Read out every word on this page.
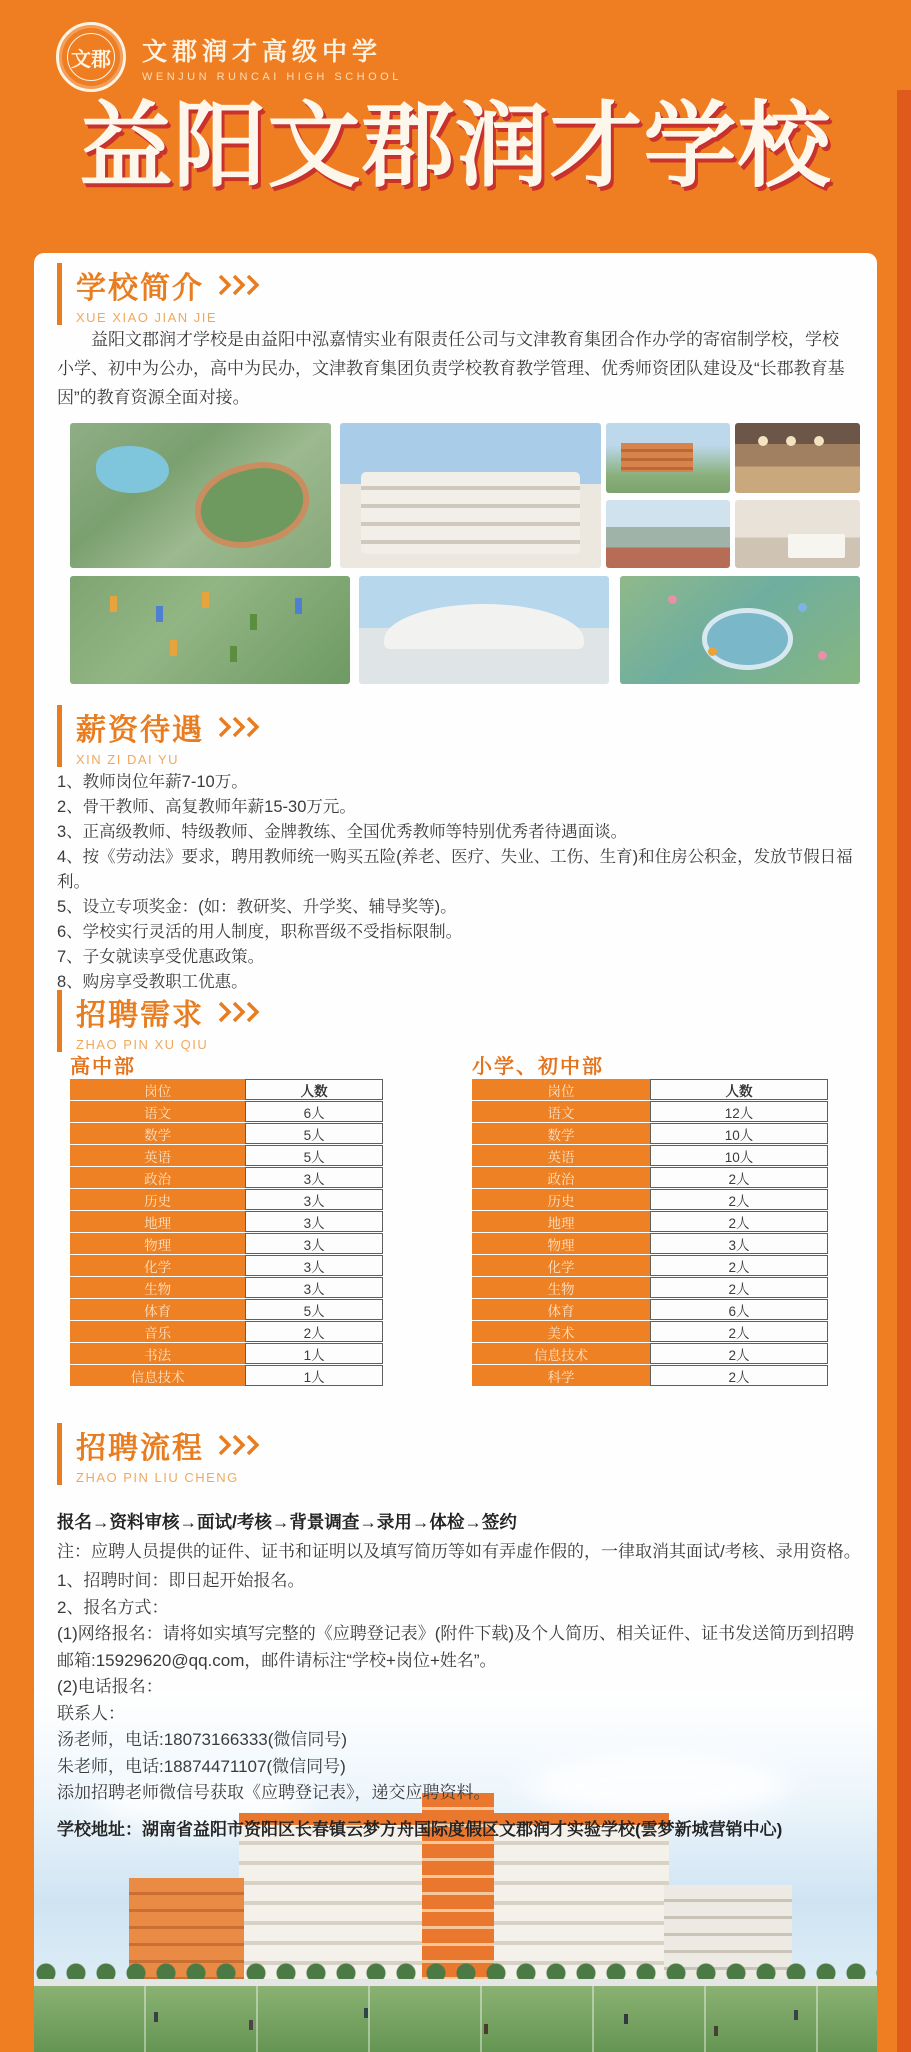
文郡 文郡润才高级中学
WENJUN RUNCAI HIGH SCHOOL
益阳文郡润才学校
学校简介
XUE XIAO JIAN JIE
益阳文郡润才学校是由益阳中泓嘉情实业有限责任公司与文津教育集团合作办学的寄宿制学校，学校小学、初中为公办，高中为民办，文津教育集团负责学校教育教学管理、优秀师资团队建设及“长郡教育基因”的教育资源全面对接。
薪资待遇
XIN ZI DAI YU
1、教师岗位年薪7-10万。
2、骨干教师、高复教师年薪15-30万元。
3、正高级教师、特级教师、金牌教练、全国优秀教师等特别优秀者待遇面谈。
4、按《劳动法》要求，聘用教师统一购买五险(养老、医疗、失业、工伤、生育)和住房公积金，发放节假日福利。
5、设立专项奖金：(如：教研奖、升学奖、辅导奖等)。
6、学校实行灵活的用人制度，职称晋级不受指标限制。
7、子女就读享受优惠政策。
8、购房享受教职工优惠。
招聘需求
ZHAO PIN XU QIU
高中部	小学、初中部
岗位	人数
语文	6人
数学	5人
英语	5人
政治	3人
历史	3人
地理	3人
物理	3人
化学	3人
生物	3人
体育	5人
音乐	2人
书法	1人
信息技术	1人
岗位	人数
语文	12人
数学	10人
英语	10人
政治	2人
历史	2人
地理	2人
物理	3人
化学	2人
生物	2人
体育	6人
美术	2人
信息技术	2人
科学	2人
招聘流程
ZHAO PIN LIU CHENG
报名→资料审核→面试/考核→背景调查→录用→体检→签约
注：应聘人员提供的证件、证书和证明以及填写简历等如有弄虚作假的，一律取消其面试/考核、录用资格。
1、招聘时间：即日起开始报名。
2、报名方式：
(1)网络报名：请将如实填写完整的《应聘登记表》(附件下载)及个人简历、相关证件、证书发送简历到招聘邮箱:15929620@qq.com，邮件请标注“学校+岗位+姓名”。
(2)电话报名：
联系人：
汤老师，电话:18073166333(微信同号)
朱老师，电话:18874471107(微信同号)
添加招聘老师微信号获取《应聘登记表》，递交应聘资料。
学校地址：湖南省益阳市资阳区长春镇云梦方舟国际度假区文郡润才实验学校(雲梦新城营销中心)
